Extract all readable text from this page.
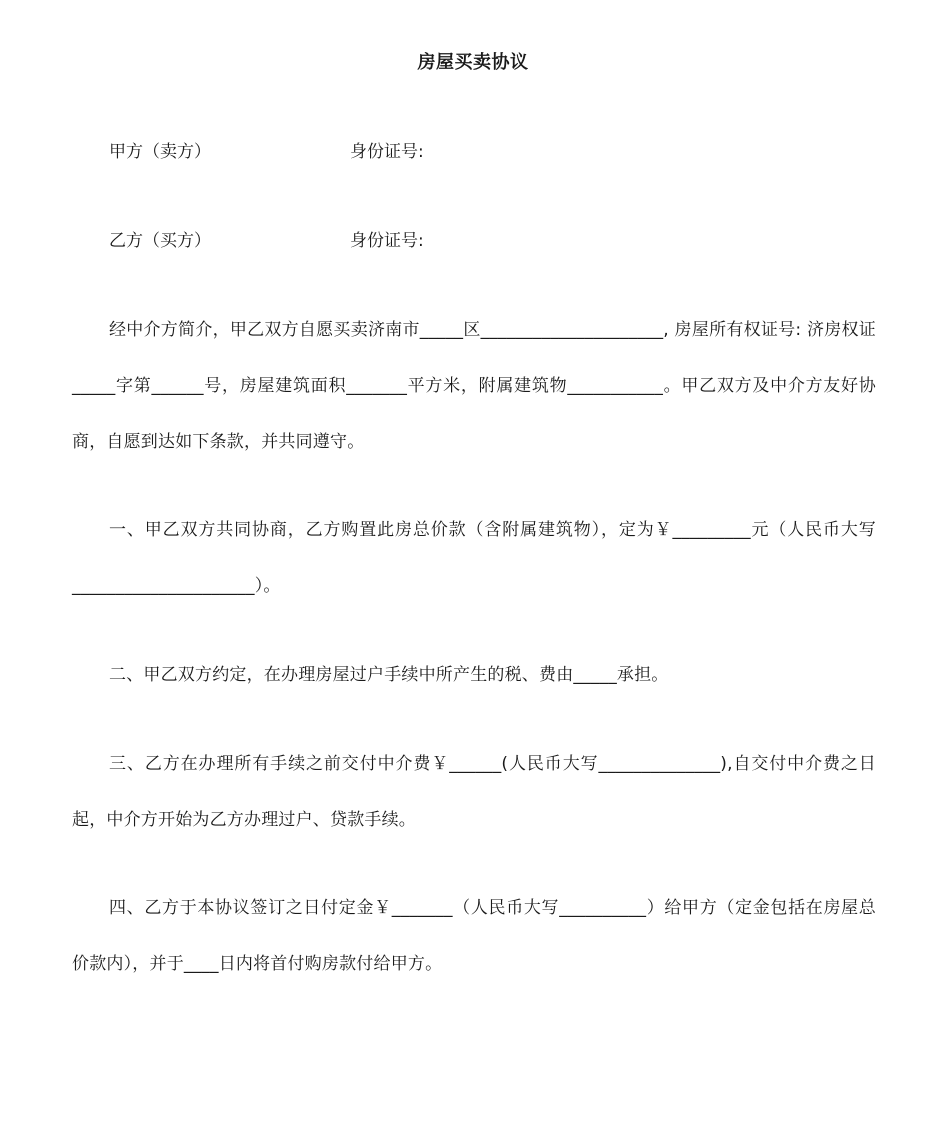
房屋买卖协议
甲方（卖方）	身份证号:
乙方（买方）	身份证号:
经中介方简介，甲乙双方自愿买卖济南市_____区_____________________, 房屋所有权证号: 济房权证_____字第______号，房屋建筑面积_______平方米，附属建筑物___________。甲乙双方及中介方友好协商，自愿到达如下条款，并共同遵守。
一、甲乙双方共同协商，乙方购置此房总价款（含附属建筑物），定为￥_________元（人民币大写_____________________）。
二、甲乙双方约定，在办理房屋过户手续中所产生的税、费由_____承担。
三、乙方在办理所有手续之前交付中介费￥______(人民币大写______________),自交付中介费之日起，中介方开始为乙方办理过户、贷款手续。
四、乙方于本协议签订之日付定金￥_______（人民币大写__________）给甲方（定金包括在房屋总价款内），并于____日内将首付购房款付给甲方。
